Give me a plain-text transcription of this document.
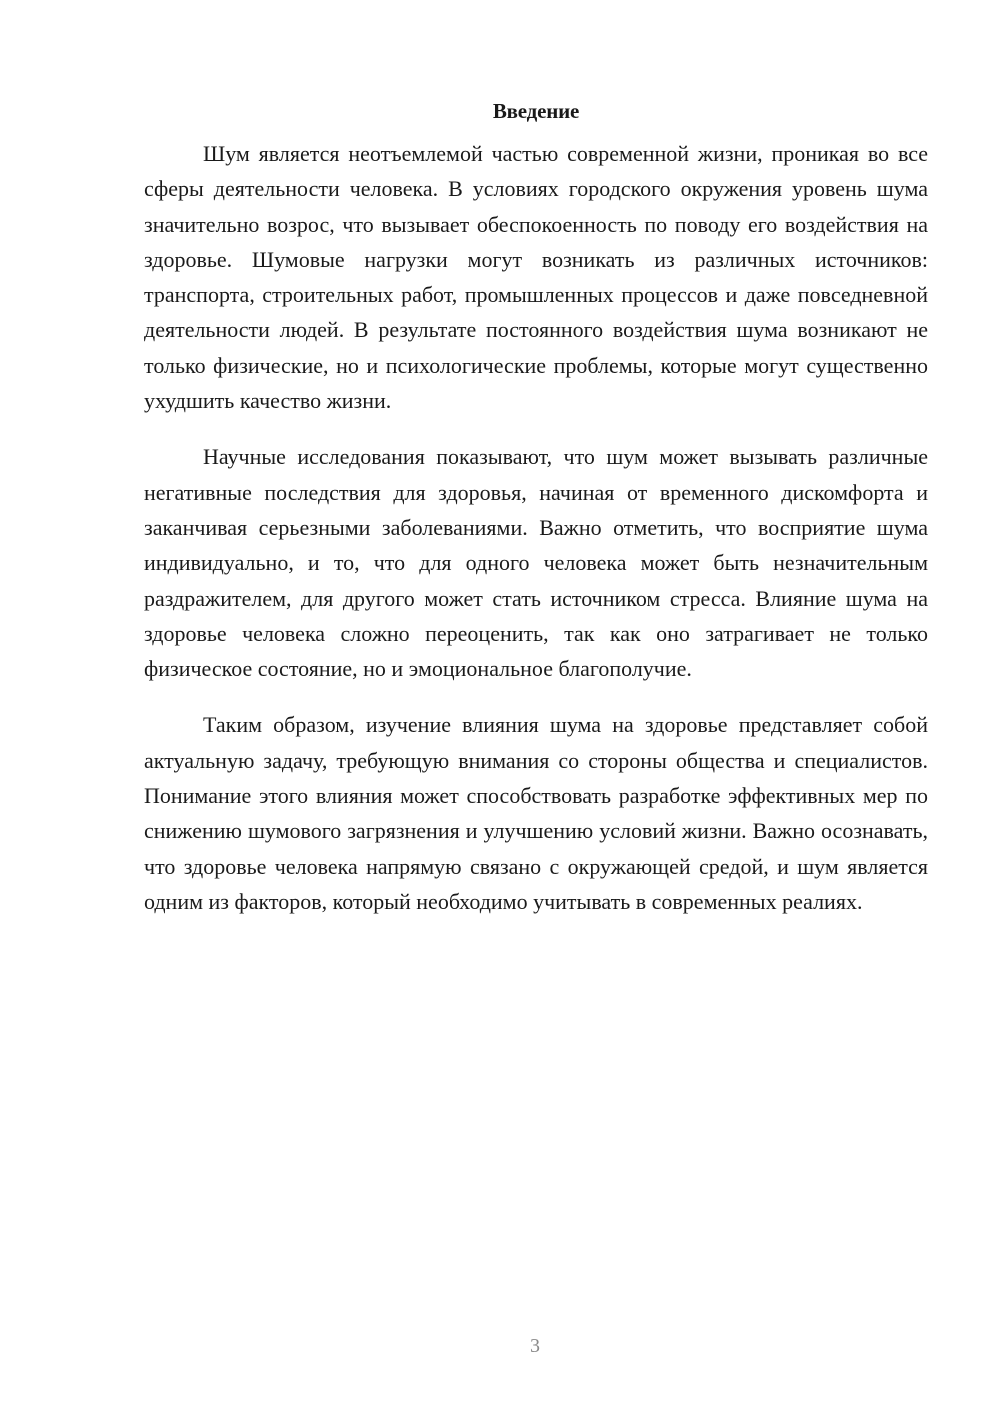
Введение

Шум является неотъемлемой частью современной жизни, проникая во все сферы деятельности человека. В условиях городского окружения уровень шума значительно возрос, что вызывает обеспокоенность по поводу его воздействия на здоровье. Шумовые нагрузки могут возникать из различных источников: транспорта, строительных работ, промышленных процессов и даже повседневной деятельности людей. В результате постоянного воздействия шума возникают не только физические, но и психологические проблемы, которые могут существенно ухудшить качество жизни.

Научные исследования показывают, что шум может вызывать различные негативные последствия для здоровья, начиная от временного дискомфорта и заканчивая серьезными заболеваниями. Важно отметить, что восприятие шума индивидуально, и то, что для одного человека может быть незначительным раздражителем, для другого может стать источником стресса. Влияние шума на здоровье человека сложно переоценить, так как оно затрагивает не только физическое состояние, но и эмоциональное благополучие.

Таким образом, изучение влияния шума на здоровье представляет собой актуальную задачу, требующую внимания со стороны общества и специалистов. Понимание этого влияния может способствовать разработке эффективных мер по снижению шумового загрязнения и улучшению условий жизни. Важно осознавать, что здоровье человека напрямую связано с окружающей средой, и шум является одним из факторов, который необходимо учитывать в современных реалиях.

3
